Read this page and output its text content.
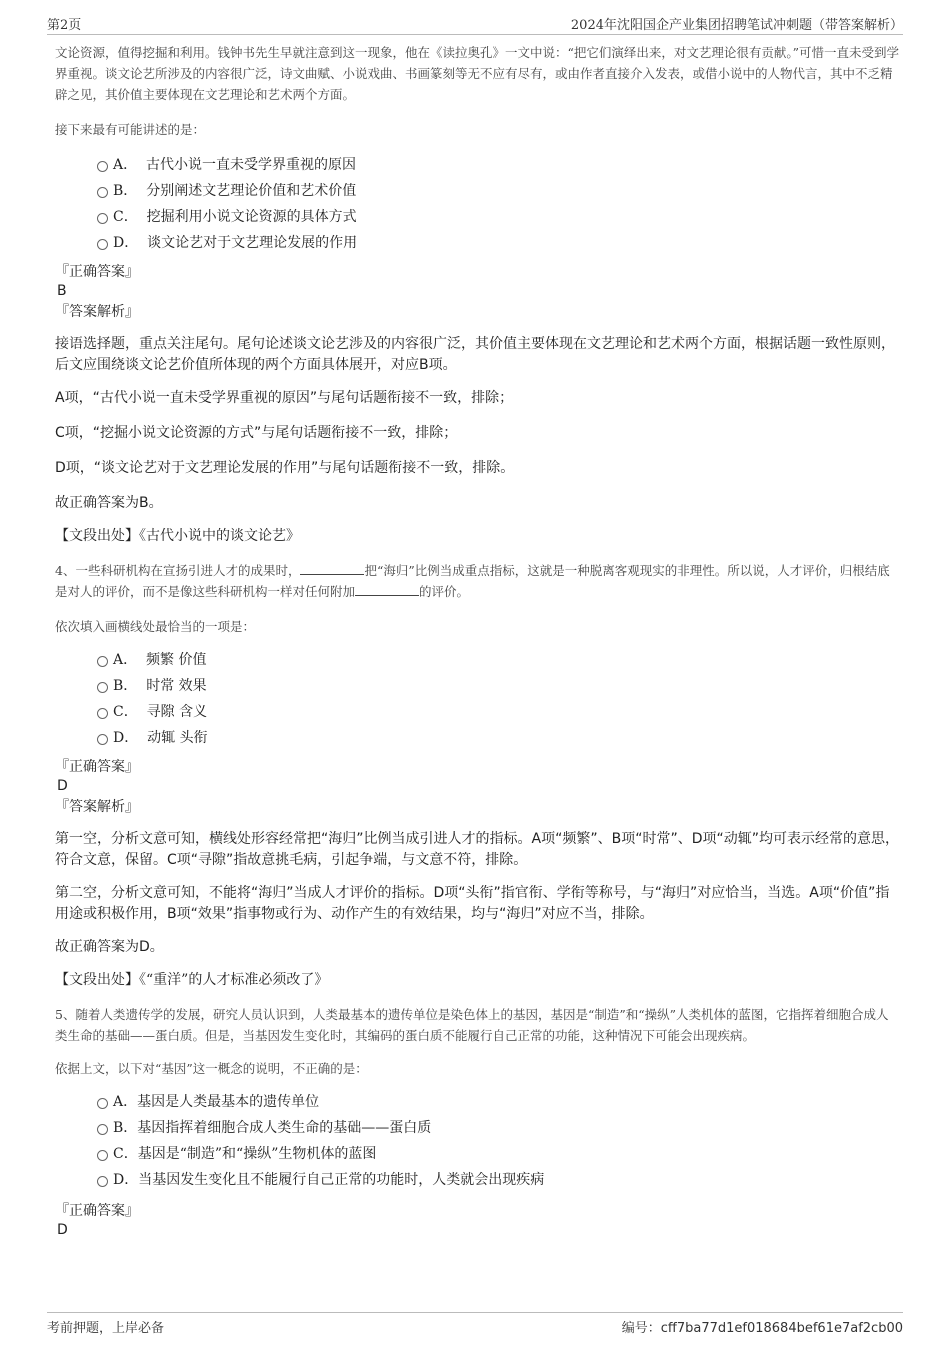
第2页	2024年沈阳国企产业集团招聘笔试冲刺题（带答案解析）

文论资源，值得挖掘和利用。钱钟书先生早就注意到这一现象，他在《读拉奥孔》一文中说：“把它们演绎出来，对文艺理论很有贡献。”可惜一直未受到学界重视。谈文论艺所涉及的内容很广泛，诗文曲赋、小说戏曲、书画篆刻等无不应有尽有，或由作者直接介入发表，或借小说中的人物代言，其中不乏精辟之见，其价值主要体现在文艺理论和艺术两个方面。

接下来最有可能讲述的是：

A． 古代小说一直未受学界重视的原因
B． 分别阐述文艺理论价值和艺术价值
C． 挖掘利用小说文论资源的具体方式
D． 谈文论艺对于文艺理论发展的作用

『正确答案』

B

『答案解析』

接语选择题，重点关注尾句。尾句论述谈文论艺涉及的内容很广泛，其价值主要体现在文艺理论和艺术两个方面，根据话题一致性原则，后文应围绕谈文论艺价值所体现的两个方面具体展开，对应B项。

A项，“古代小说一直未受学界重视的原因”与尾句话题衔接不一致，排除；

C项，“挖掘小说文论资源的方式”与尾句话题衔接不一致，排除；

D项，“谈文论艺对于文艺理论发展的作用”与尾句话题衔接不一致，排除。

故正确答案为B。

【文段出处】《古代小说中的谈文论艺》

4、一些科研机构在宣扬引进人才的成果时，	把“海归”比例当成重点指标，这就是一种脱离客观现实的非理性。所以说，人才评价，归根结底是对人的评价，而不是像这些科研机构一样对任何附加	的评价。

依次填入画横线处最恰当的一项是：

A． 频繁 价值
B． 时常 效果
C． 寻隙 含义
D． 动辄 头衔

『正确答案』

D

『答案解析』

第一空，分析文意可知，横线处形容经常把“海归”比例当成引进人才的指标。A项“频繁”、B项“时常”、D项“动辄”均可表示经常的意思，符合文意，保留。C项“寻隙”指故意挑毛病，引起争端，与文意不符，排除。

第二空，分析文意可知，不能将“海归”当成人才评价的指标。D项“头衔”指官衔、学衔等称号，与“海归”对应恰当，当选。A项“价值”指用途或积极作用，B项“效果”指事物或行为、动作产生的有效结果，均与“海归”对应不当，排除。

故正确答案为D。

【文段出处】《“重洋”的人才标准必须改了》

5、随着人类遗传学的发展，研究人员认识到，人类最基本的遗传单位是染色体上的基因，基因是“制造”和“操纵”人类机体的蓝图，它指挥着细胞合成人类生命的基础——蛋白质。但是，当基因发生变化时，其编码的蛋白质不能履行自己正常的功能，这种情况下可能会出现疾病。

依据上文，以下对“基因”这一概念的说明，不正确的是：

A．基因是人类最基本的遗传单位
B．基因指挥着细胞合成人类生命的基础——蛋白质
C．基因是“制造”和“操纵”生物机体的蓝图
D．当基因发生变化且不能履行自己正常的功能时，人类就会出现疾病

『正确答案』

D

考前押题，上岸必备	编号：cff7ba77d1ef018684bef61e7af2cb00
